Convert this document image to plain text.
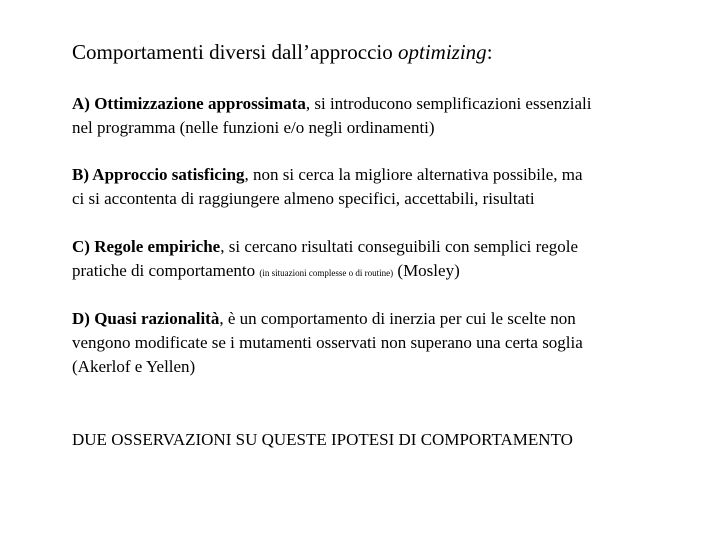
Comportamenti diversi dall’approccio optimizing:
A) Ottimizzazione approssimata, si introducono semplificazioni essenziali
nel programma (nelle funzioni e/o negli ordinamenti)
B) Approccio satisficing, non si cerca la migliore alternativa possibile, ma
ci si accontenta di raggiungere almeno specifici, accettabili, risultati
C) Regole empiriche, si cercano risultati conseguibili con semplici regole
pratiche di comportamento (in situazioni complesse o di routine) (Mosley)
D) Quasi razionalità, è un comportamento di inerzia per cui le scelte non
vengono modificate se i mutamenti osservati non superano una certa soglia
(Akerlof e Yellen)
DUE OSSERVAZIONI SU QUESTE IPOTESI DI COMPORTAMENTO
